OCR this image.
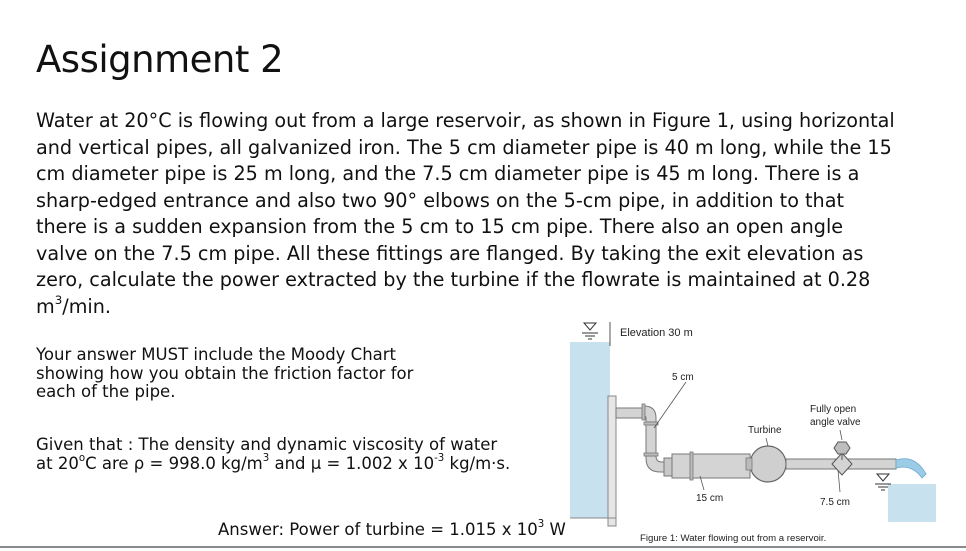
Assignment 2
Water at 20°C is flowing out from a large reservoir, as shown in Figure 1, using horizontal and vertical pipes, all galvanized iron. The 5 cm diameter pipe is 40 m long, while the 15 cm diameter pipe is 25 m long, and the 7.5 cm diameter pipe is 45 m long. There is a sharp-edged entrance and also two 90° elbows on the 5-cm pipe, in addition to that there is a sudden expansion from the 5 cm to 15 cm pipe. There also an open angle valve on the 7.5 cm pipe. All these fittings are flanged. By taking the exit elevation as zero, calculate the power extracted by the turbine if the flowrate is maintained at 0.28 $m^3/\min$.
Your answer MUST include the Moody Chart showing how you obtain the friction factor for each of the pipe.
Given that : The density and dynamic viscosity of water
at 20$^o$C are ρ = 998.0 $kg/m^3$ and μ = 1.002 x $10^{-3}$ kg/m·s.
Answer: Power of turbine = 1.015 x $10^3$ W
Elevation 30 m
5 cm
Turbine
Fully open
angle valve
15 cm	7.5 cm
Figure 1: Water flowing out from a reservoir.
